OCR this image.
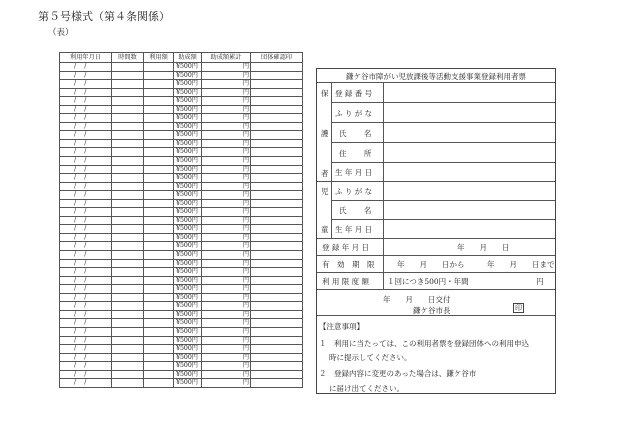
第５号様式（第４条関係）
（表）
利用年月日	時間数	利用額	助成額	助成額累計	団体確認印
/　 /			¥500円	円	
/　 /			¥500円	円	
/　 /			¥500円	円	
/　 /			¥500円	円	
/　 /			¥500円	円	
/　 /			¥500円	円	
/　 /			¥500円	円	
/　 /			¥500円	円	
/　 /			¥500円	円	
/　 /			¥500円	円	
/　 /			¥500円	円	
/　 /			¥500円	円	
/　 /			¥500円	円	
/　 /			¥500円	円	
/　 /			¥500円	円	
/　 /			¥500円	円	
/　 /			¥500円	円	
/　 /			¥500円	円	
/　 /			¥500円	円	
/　 /			¥500円	円	
/　 /			¥500円	円	
/　 /			¥500円	円	
/　 /			¥500円	円	
/　 /			¥500円	円	
/　 /			¥500円	円	
/　 /			¥500円	円	
/　 /			¥500円	円	
/　 /			¥500円	円	
/　 /			¥500円	円	
/　 /			¥500円	円	
/　 /			¥500円	円	
/　 /			¥500円	円	
/　 /			¥500円	円	
/　 /			¥500円	円	
/　 /			¥500円	円	
/　 /			¥500円	円	
/　 /			¥500円	円	
/　 /			¥500円	円	
鎌ケ谷市障がい児放課後等活動支援事業登録利用者票
保
護
者
登 録 番 号
ふ り が な
氏　　 名
住　　 所
生 年 月 日
児
童
ふ り が な
氏　　 名
生 年 月 日
登 録 年 月 日	年　　月　　日
有　効　期　限	年　　月　　日から　　　年　　月　　日まで
利 用 限 度 額 １回につき500円・年間　　　　　　　　　円
年　　月　　日交付
鎌ケ谷市長	印
【注意事項】
１　利用に当たっては、この利用者票を登録団体への利用申込
時に提示してください。
２　登録内容に変更のあった場合は、鎌ケ谷市
に届け出てください。
